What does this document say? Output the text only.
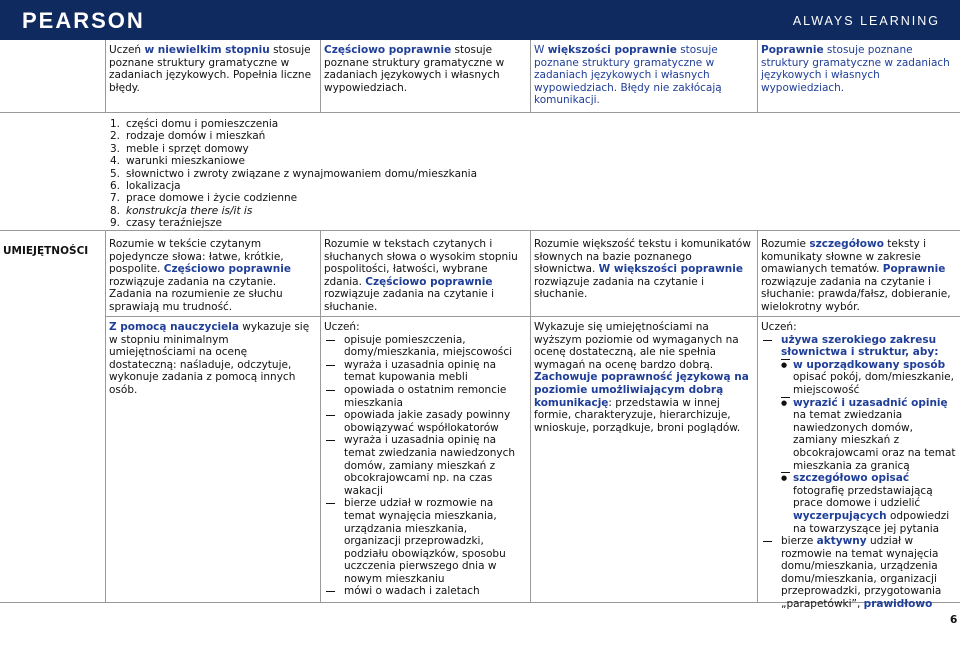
PEARSON	ALWAYS LEARNING
Uczeń w niewielkim stopniu stosuje poznane struktury gramatyczne w zadaniach językowych. Popełnia liczne błędy.
Częściowo poprawnie stosuje poznane struktury gramatyczne w zadaniach językowych i własnych wypowiedziach.
W większości poprawnie stosuje poznane struktury gramatyczne w zadaniach językowych i własnych wypowiedziach. Błędy nie zakłócają komunikacji.
Poprawnie stosuje poznane struktury gramatyczne w zadaniach językowych i własnych wypowiedziach.
1. części domu i pomieszczenia
2. rodzaje domów i mieszkań
3. meble i sprzęt domowy
4. warunki mieszkaniowe
5. słownictwo i zwroty związane z wynajmowaniem domu/mieszkania
6. lokalizacja
7. prace domowe i życie codzienne
8. konstrukcja there is/it is
9. czasy teraźniejsze
UMIEJĘTNOŚCI
Rozumie w tekście czytanym pojedyncze słowa: łatwe, krótkie, pospolite. Częściowo poprawnie rozwiązuje zadania na czytanie. Zadania na rozumienie ze słuchu sprawiają mu trudność.
Rozumie w tekstach czytanych i słuchanych słowa o wysokim stopniu pospolitości, łatwości, wybrane zdania. Częściowo poprawnie rozwiązuje zadania na czytanie i słuchanie.
Rozumie większość tekstu i komunikatów słownych na bazie poznanego słownictwa. W większości poprawnie rozwiązuje zadania na czytanie i słuchanie.
Rozumie szczegółowo teksty i komunikaty słowne w zakresie omawianych tematów. Poprawnie rozwiązuje zadania na czytanie i słuchanie: prawda/fałsz, dobieranie, wielokrotny wybór.
Z pomocą nauczyciela wykazuje się w stopniu minimalnym umiejętnościami na ocenę dostateczną: naśladuje, odczytuje, wykonuje zadania z pomocą innych osób.
Uczeń:
opisuje pomieszczenia, domy/mieszkania, miejscowości
wyraża i uzasadnia opinię na temat kupowania mebli
opowiada o ostatnim remoncie mieszkania
opowiada jakie zasady powinny obowiązywać współlokatorów
wyraża i uzasadnia opinię na temat zwiedzania nawiedzonych domów, zamiany mieszkań z obcokrajowcami np. na czas wakacji
bierze udział w rozmowie na temat wynajęcia mieszkania, urządzania mieszkania, organizacji przeprowadzki, podziału obowiązków, sposobu uczczenia pierwszego dnia w nowym mieszkaniu
mówi o wadach i zaletach
Wykazuje się umiejętnościami na wyższym poziomie od wymaganych na ocenę dostateczną, ale nie spełnia wymagań na ocenę bardzo dobrą. Zachowuje poprawność językową na poziomie umożliwiającym dobrą komunikację: przedstawia w innej formie, charakteryzuje, hierarchizuje, wnioskuje, porządkuje, broni poglądów.
Uczeń:
używa szerokiego zakresu słownictwa i struktur, aby:
● w uporządkowany sposób opisać pokój, dom/mieszkanie, miejscowość
● wyrazić i uzasadnić opinię na temat zwiedzania nawiedzonych domów, zamiany mieszkań z obcokrajowcami oraz na temat mieszkania za granicą
● szczegółowo opisać fotografię przedstawiającą prace domowe i udzielić wyczerpujących odpowiedzi na towarzyszące jej pytania
bierze aktywny udział w rozmowie na temat wynajęcia domu/mieszkania, urządzenia domu/mieszkania, organizacji przeprowadzki, przygotowania „parapetówki”, prawidłowo
6
